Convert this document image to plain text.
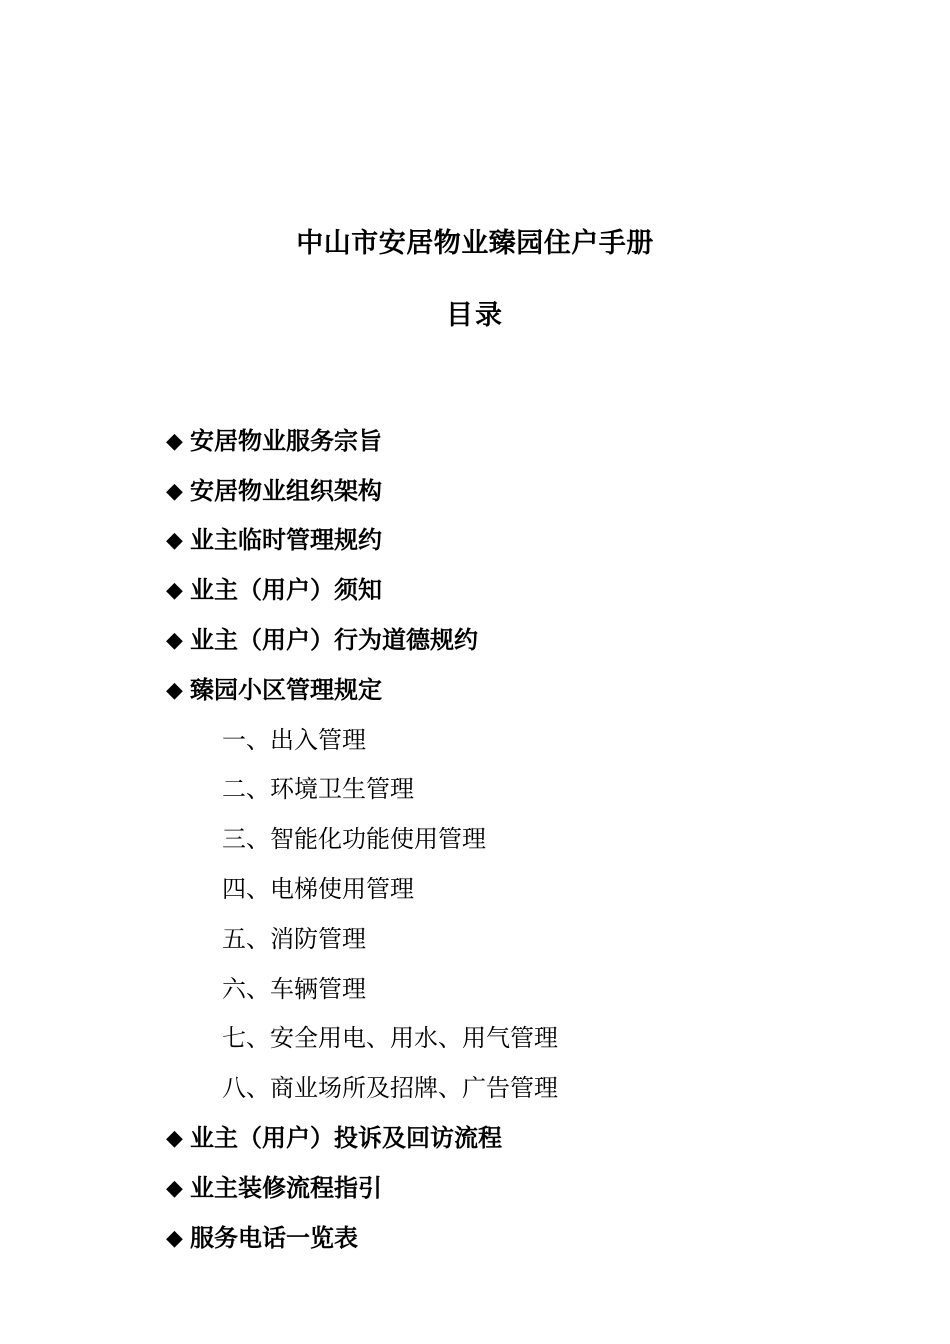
中山市安居物业臻园住户手册
目录
◆ 安居物业服务宗旨
◆ 安居物业组织架构
◆ 业主临时管理规约
◆ 业主（用户）须知
◆ 业主（用户）行为道德规约
◆ 臻园小区管理规定
一、出入管理
二、环境卫生管理
三、智能化功能使用管理
四、电梯使用管理
五、消防管理
六、车辆管理
七、安全用电、用水、用气管理
八、商业场所及招牌、广告管理
◆ 业主（用户）投诉及回访流程
◆ 业主装修流程指引
◆ 服务电话一览表
